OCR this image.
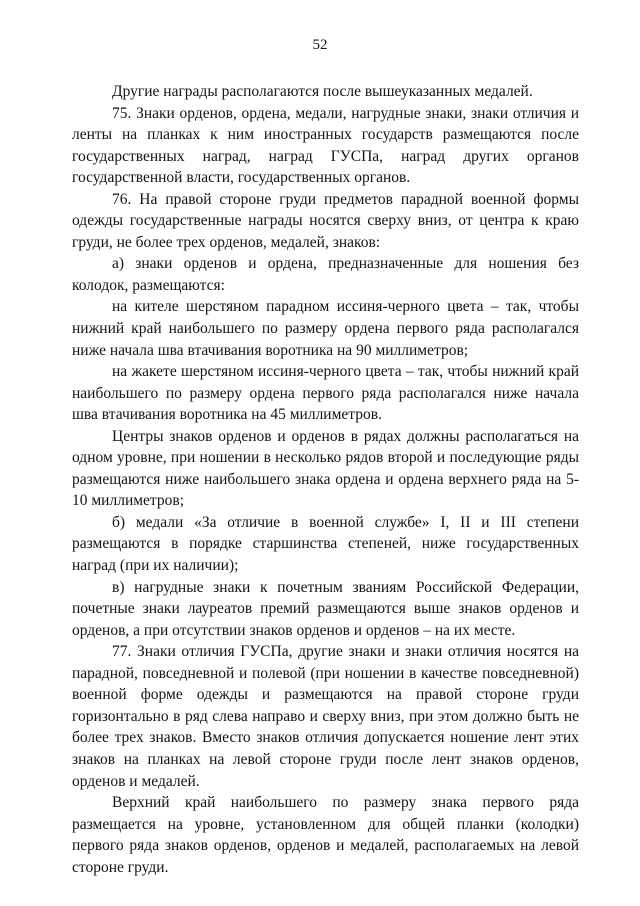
52

Другие награды располагаются после вышеуказанных медалей.

75. Знаки орденов, ордена, медали, нагрудные знаки, знаки отличия и ленты на планках к ним иностранных государств размещаются после государственных наград, наград ГУСПа, наград других органов государственной власти, государственных органов.

76. На правой стороне груди предметов парадной военной формы одежды государственные награды носятся сверху вниз, от центра к краю груди, не более трех орденов, медалей, знаков:

а) знаки орденов и ордена, предназначенные для ношения без колодок, размещаются:

на кителе шерстяном парадном иссиня-черного цвета – так, чтобы нижний край наибольшего по размеру ордена первого ряда располагался ниже начала шва втачивания воротника на 90 миллиметров;

на жакете шерстяном иссиня-черного цвета – так, чтобы нижний край наибольшего по размеру ордена первого ряда располагался ниже начала шва втачивания воротника на 45 миллиметров.

Центры знаков орденов и орденов в рядах должны располагаться на одном уровне, при ношении в несколько рядов второй и последующие ряды размещаются ниже наибольшего знака ордена и ордена верхнего ряда на 5-10 миллиметров;

б) медали «За отличие в военной службе» I, II и III степени размещаются в порядке старшинства степеней, ниже государственных наград (при их наличии);

в) нагрудные знаки к почетным званиям Российской Федерации, почетные знаки лауреатов премий размещаются выше знаков орденов и орденов, а при отсутствии знаков орденов и орденов – на их месте.

77. Знаки отличия ГУСПа, другие знаки и знаки отличия носятся на парадной, повседневной и полевой (при ношении в качестве повседневной) военной форме одежды и размещаются на правой стороне груди горизонтально в ряд слева направо и сверху вниз, при этом должно быть не более трех знаков. Вместо знаков отличия допускается ношение лент этих знаков на планках на левой стороне груди после лент знаков орденов, орденов и медалей.

Верхний край наибольшего по размеру знака первого ряда размещается на уровне, установленном для общей планки (колодки) первого ряда знаков орденов, орденов и медалей, располагаемых на левой стороне груди.
